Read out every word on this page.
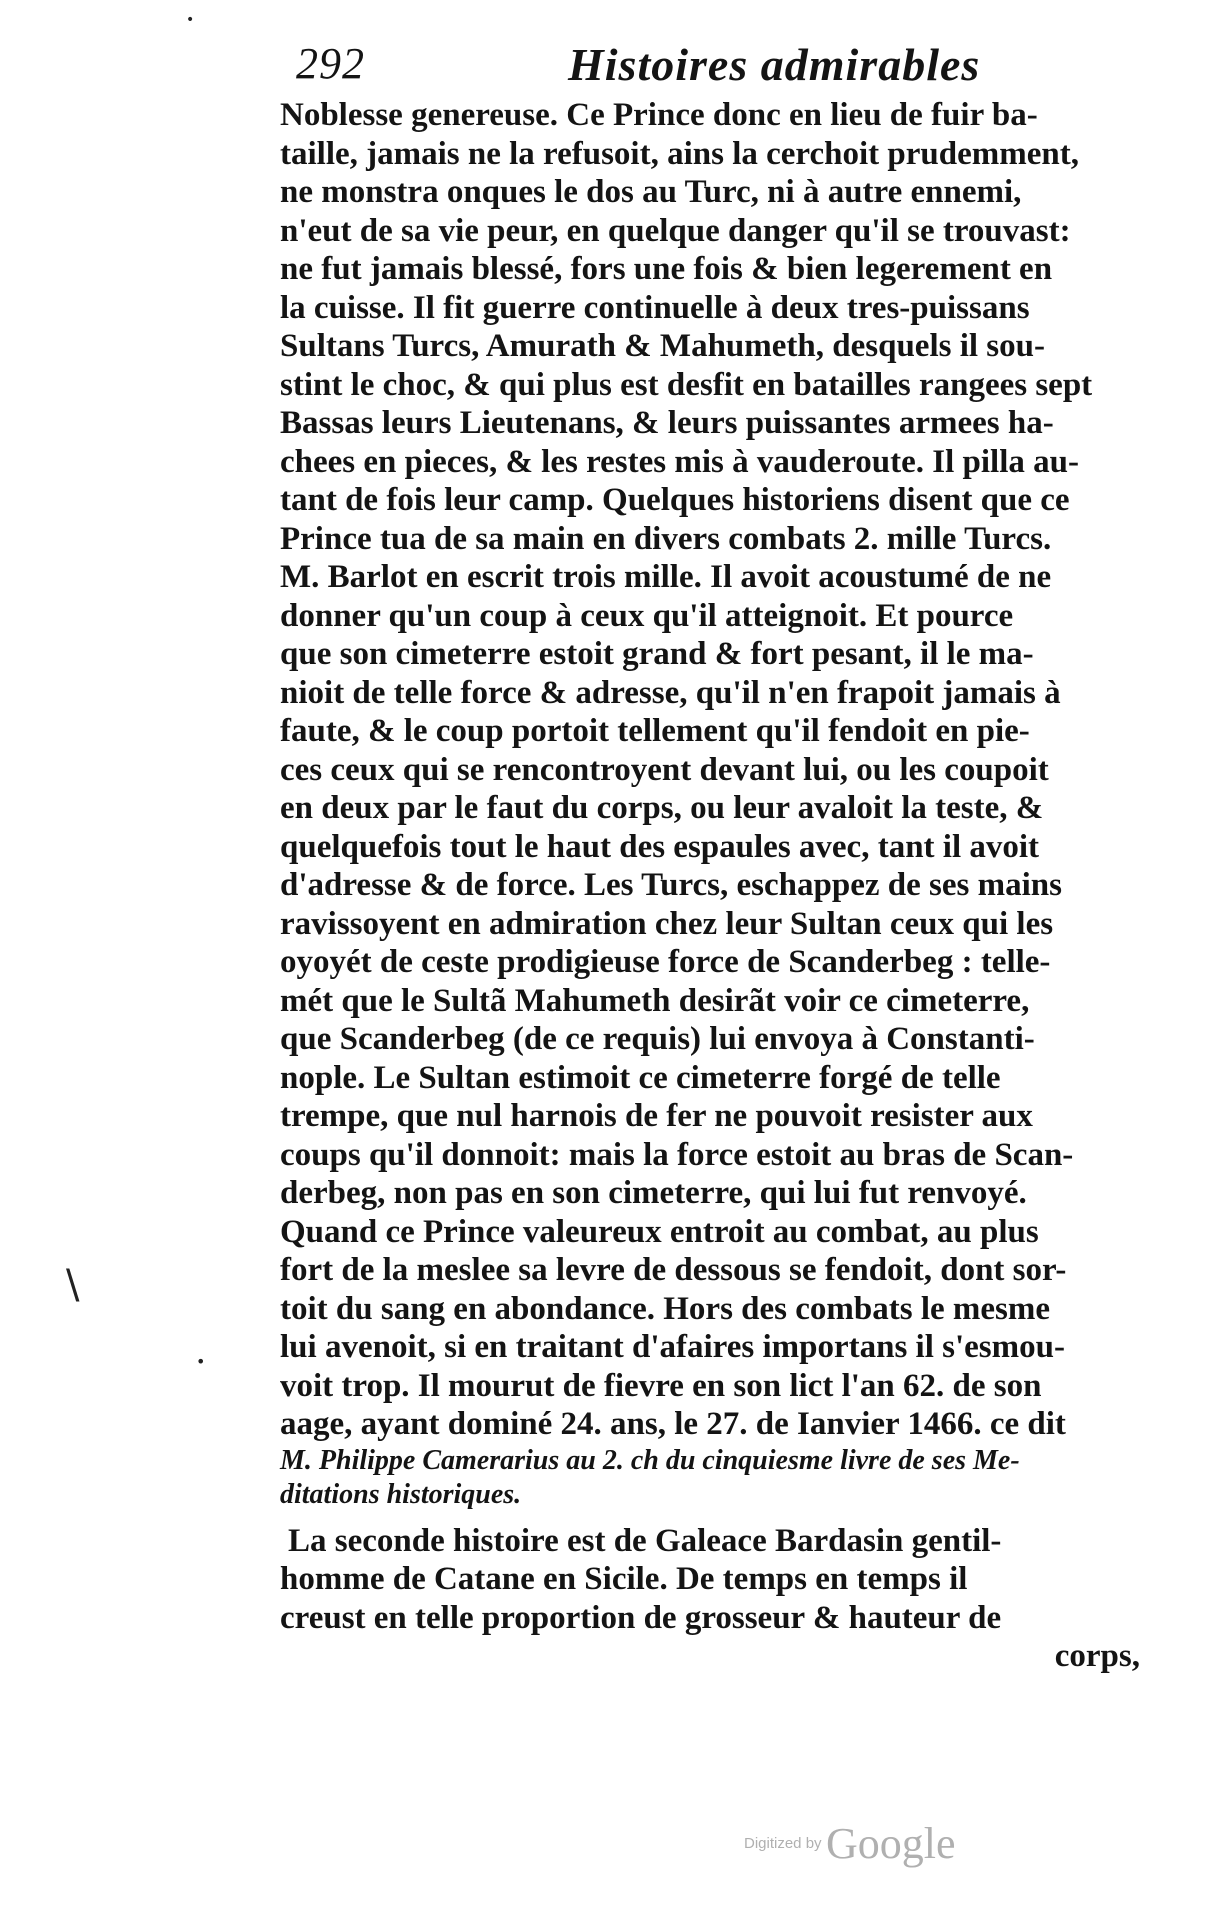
292	Histoires admirables
Noblesse genereuse. Ce Prince donc en lieu de fuir ba-
taille, jamais ne la refusoit, ains la cerchoit prudemment,
ne monstra onques le dos au Turc, ni à autre ennemi,
n'eut de sa vie peur, en quelque danger qu'il se trouvast:
ne fut jamais blessé, fors une fois & bien legerement en
la cuisse. Il fit guerre continuelle à deux tres-puissans
Sultans Turcs, Amurath & Mahumeth, desquels il sou-
stint le choc, & qui plus est desfit en batailles rangees sept
Bassas leurs Lieutenans, & leurs puissantes armees ha-
chees en pieces, & les restes mis à vauderoute. Il pilla au-
tant de fois leur camp. Quelques historiens disent que ce
Prince tua de sa main en divers combats 2. mille Turcs.
M. Barlot en escrit trois mille. Il avoit acoustumé de ne
donner qu'un coup à ceux qu'il atteignoit. Et pource
que son cimeterre estoit grand & fort pesant, il le ma-
nioit de telle force & adresse, qu'il n'en frapoit jamais à
faute, & le coup portoit tellement qu'il fendoit en pie-
ces ceux qui se rencontroyent devant lui, ou les coupoit
en deux par le faut du corps, ou leur avaloit la teste, &
quelquefois tout le haut des espaules avec, tant il avoit
d'adresse & de force. Les Turcs, eschappez de ses mains
ravissoyent en admiration chez leur Sultan ceux qui les
oyoyét de ceste prodigieuse force de Scanderbeg : telle-
mét que le Sultã Mahumeth desirãt voir ce cimeterre,
que Scanderbeg (de ce requis) lui envoya à Constanti-
nople. Le Sultan estimoit ce cimeterre forgé de telle
trempe, que nul harnois de fer ne pouvoit resister aux
coups qu'il donnoit: mais la force estoit au bras de Scan-
derbeg, non pas en son cimeterre, qui lui fut renvoyé.
Quand ce Prince valeureux entroit au combat, au plus
fort de la meslee sa levre de dessous se fendoit, dont sor-
toit du sang en abondance. Hors des combats le mesme
lui avenoit, si en traitant d'afaires importans il s'esmou-
voit trop. Il mourut de fievre en son lict l'an 62. de son
aage, ayant dominé 24. ans, le 27. de Ianvier 1466. ce dit
M. Philippe Camerarius au 2. ch du cinquiesme livre de ses Me-
ditations historiques.
La seconde histoire est de Galeace Bardasin gentil-
homme de Catane en Sicile. De temps en temps il
creust en telle proportion de grosseur & hauteur de
corps,
\
•
•
Digitized by Google
